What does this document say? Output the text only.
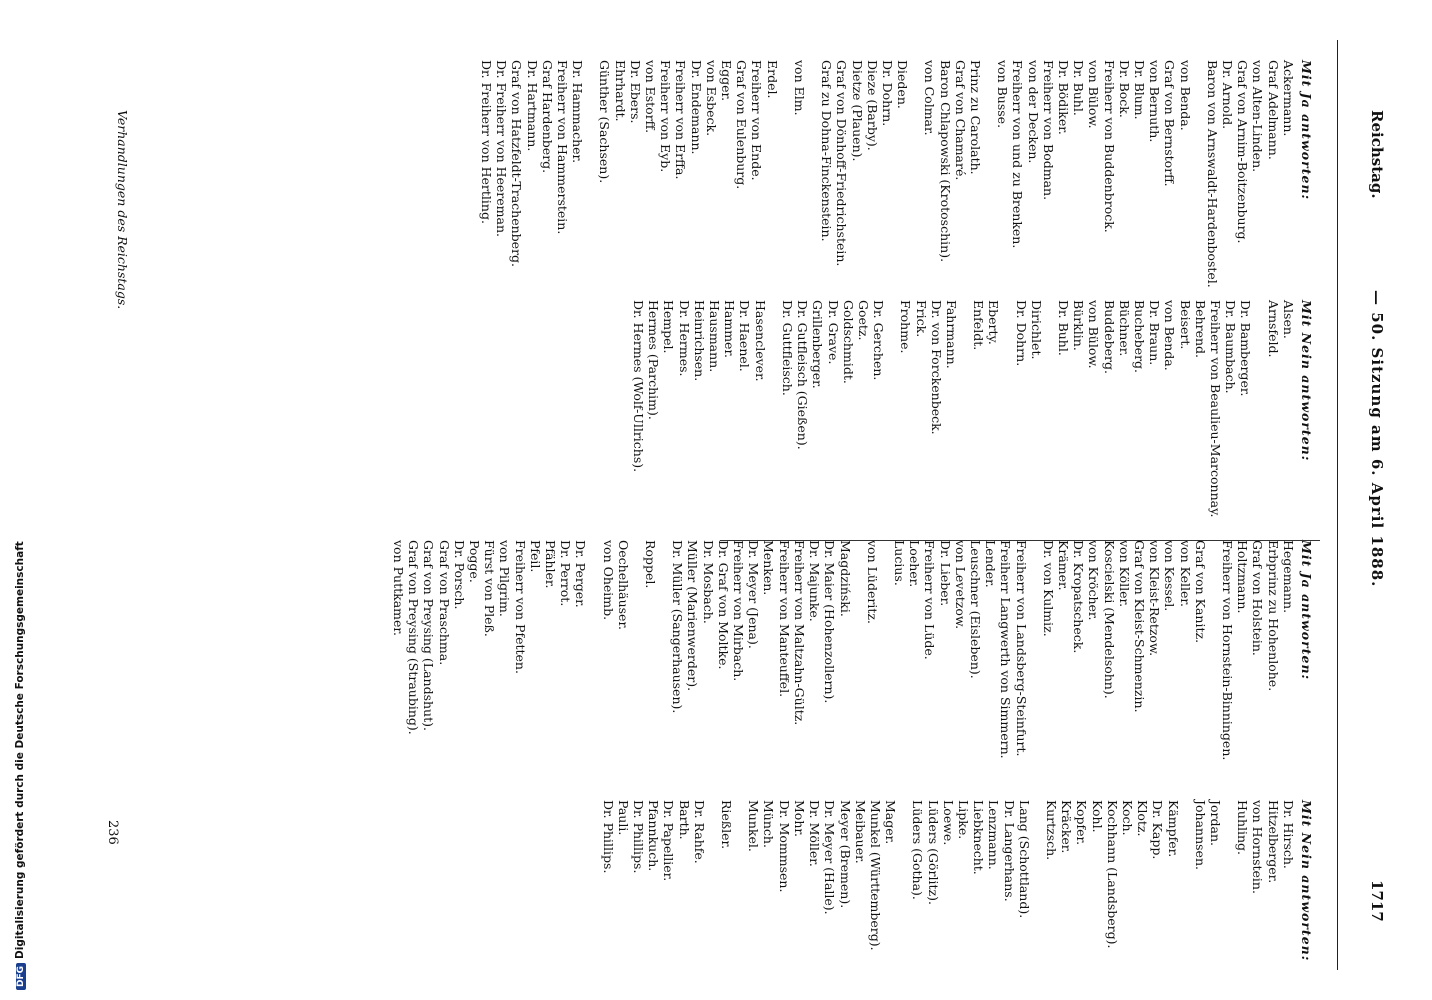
Reichstag.
— 50. Sitzung am 6. April 1888.
1717
Mit Ja antworten:
Ackermann.
Graf Adelmann.
von Alten-Linden.
Graf von Arnim-Boitzenburg.
Dr. Arnold.
Baron von Arnswaldt-Hardenbostel.
von Benda.
Graf von Bernstorff.
von Bernuth.
Dr. Blum.
Dr. Bock.
Freiherr von Buddenbrock.
von Bülow.
Dr. Buhl.
Dr. Bödiker.
Freiherr von Bodman.
von der Decken.
Freiherr von und zu Brenken.
von Busse.
Prinz zu Carolath.
Graf von Chamaré.
Baron Chlapowski (Krotoschin).
von Colmar.
Dieden.
Dr. Dohrn.
Dieze (Barby).
Dietze (Plauen).
Graf von Dönhoff-Friedrichstein.
Graf zu Dohna-Finckenstein.
von Elm.
Erdel.
Freiherr von Ende.
Graf von Eulenburg.
Egger.
von Esbeck.
Dr. Endemann.
Freiherr von Erffa.
Freiherr von Eyb.
von Estorff.
Dr. Ebers.
Ehrhardt.
Günther (Sachsen).
Dr. Hammacher.
Freiherr von Hammerstein.
Graf Hardenberg.
Dr. Hartmann.
Graf von Hatzfeldt-Trachenberg.
Dr. Freiherr von Heereman.
Dr. Freiherr von Hertling.
Mit Nein antworten:
Alsen.
Arnsfeld.
Dr. Bamberger.
Dr. Baumbach.
Freiherr von Beaulieu-Marconnay.
Behrend.
Beisert.
von Benda.
Dr. Braun.
Bucheberg.
Büchner.
Buddeberg.
von Bülow.
Bürklin.
Dr. Buhl.
Dirichlet.
Dr. Dohrn.
Eberty.
Enfeldt.
Fahrmann.
Dr. von Forckenbeck.
Frick.
Frohme.
Dr. Gerchen.
Goetz.
Goldschmidt.
Dr. Grave.
Grillenberger.
Dr. Gutfleisch (Gießen).
Dr. Guttfleisch.
Hasenclever.
Dr. Haenel.
Hammer.
Hausmann.
Heinrichsen.
Dr. Hermes.
Hempel.
Hermes (Parchim).
Dr. Hermes (Wolf-Ullrichs).
Mit Ja antworten:
Hegemann.
Erbprinz zu Hohenlohe.
Graf von Holstein.
Holtzmann.
Freiherr von Hornstein-Binningen.
Graf von Kanitz.
von Keller.
von Kessel.
von Kleist-Retzow.
Graf von Kleist-Schmenzin.
von Köller.
Koscielski (Mendelsohn).
von Kröcher.
Dr. Kropatscheck.
Krämer.
Dr. von Kulmiz.
Freiherr von Landsberg-Steinfurt.
Freiherr Langwerth von Simmern.
Lender.
Leuschner (Eisleben).
von Levetzow.
Dr. Lieber.
Freiherr von Lüde.
Loeher.
Lucius.
von Lüderitz.
Magdziński.
Dr. Maier (Hohenzollern).
Dr. Majunke.
Freiherr von Maltzahn-Gültz.
Freiherr von Manteuffel.
Menken.
Dr. Meyer (Jena).
Freiherr von Mirbach.
Dr. Graf von Moltke.
Dr. Mosbach.
Müller (Marienwerder).
Dr. Müller (Sangerhausen).
Roppel.
Oechelhäuser.
von Oheimb.
Dr. Perger.
Dr. Perrot.
Pfähler.
Pfeil.
Freiherr von Pfetten.
von Pilgrim.
Fürst von Pleß.
Pogge.
Dr. Porsch.
Graf von Praschma.
Graf von Preysing (Landshut).
Graf von Preysing (Straubing).
von Puttkamer.
Mit Nein antworten:
Dr. Hirsch.
Hitzelberger.
von Hornstein.
Huhling.
Jordan.
Johannsen.
Kämpfer.
Dr. Kapp.
Klotz.
Koch.
Kochhann (Landsberg).
Kohl.
Kopfer.
Kräcker.
Kurtzsch.
Lang (Schottland).
Dr. Langerhans.
Lenzmann.
Liebknecht.
Lipke.
Loewe.
Lüders (Görlitz).
Lüders (Gotha).
Mager.
Munkel (Württemberg).
Meibauer.
Meyer (Bremen).
Dr. Meyer (Halle).
Dr. Möller.
Mohr.
Dr. Mommsen.
Münch.
Munkel.
Rießler.
Dr. Rahfe.
Barth.
Dr. Papellier.
Pfannkuch.
Dr. Phillips.
Pauli.
Dr. Phillips.
Verhandlungen des Reichstags.
236
DFGDigitalisierung gefördert durch die Deutsche Forschungsgemeinschaft
